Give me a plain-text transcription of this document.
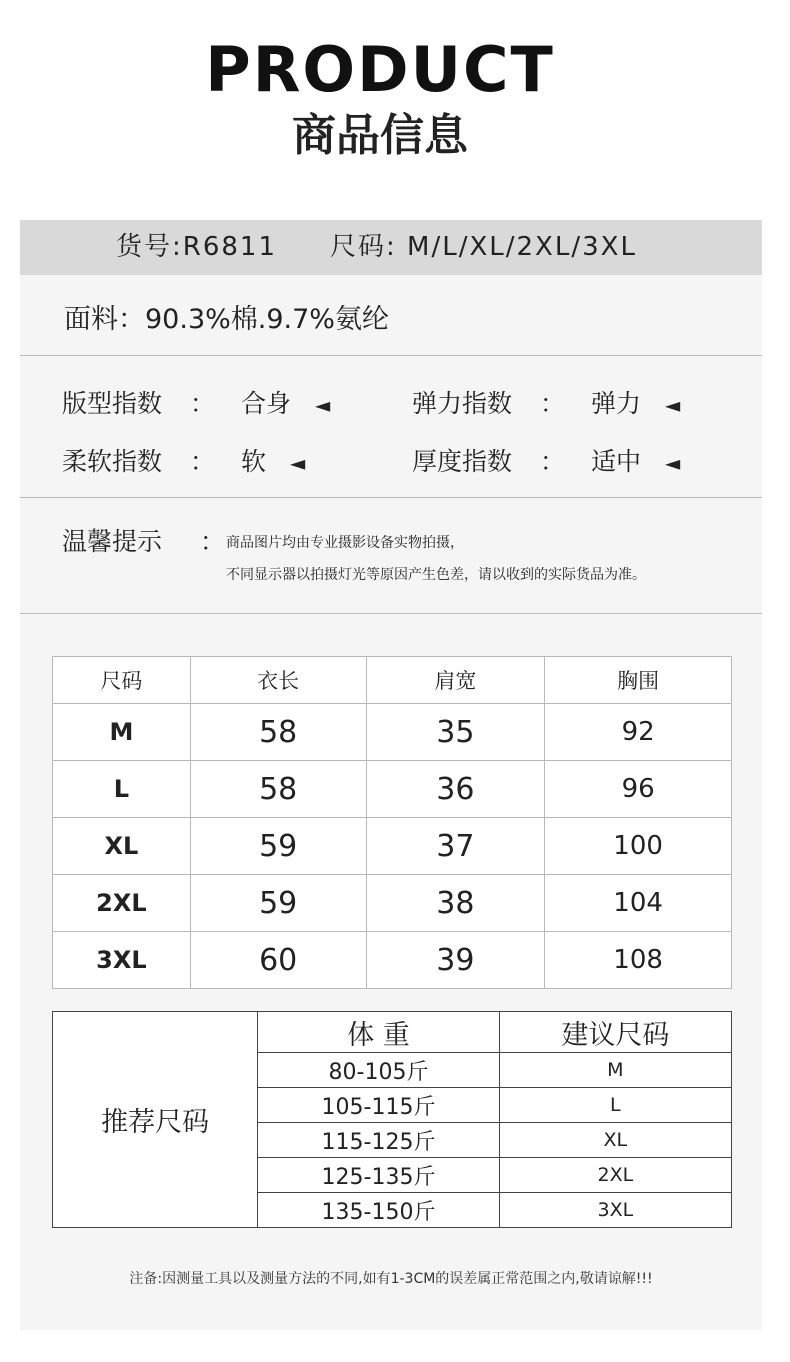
PRODUCT
商品信息
货号:R6811 尺码: M/L/XL/2XL/3XL
面料：90.3%棉.9.7%氨纶
版型指数 ： 合身 ◄	弹力指数 ： 弹力 ◄
柔软指数 ： 软 ◄	厚度指数 ： 适中 ◄
温馨提示 ： 商品图片均由专业摄影设备实物拍摄，
不同显示器以拍摄灯光等原因产生色差，请以收到的实际货品为准。
尺码	衣长	肩宽	胸围
M	58	35	92
L	58	36	96
XL	59	37	100
2XL	59	38	104
3XL	60	39	108
推荐尺码	体 重	建议尺码
	80-105斤	M
	105-115斤	L
	115-125斤	XL
	125-135斤	2XL
	135-150斤	3XL
注备:因测量工具以及测量方法的不同,如有1-3CM的误差属正常范围之内,敬请谅解!!!
